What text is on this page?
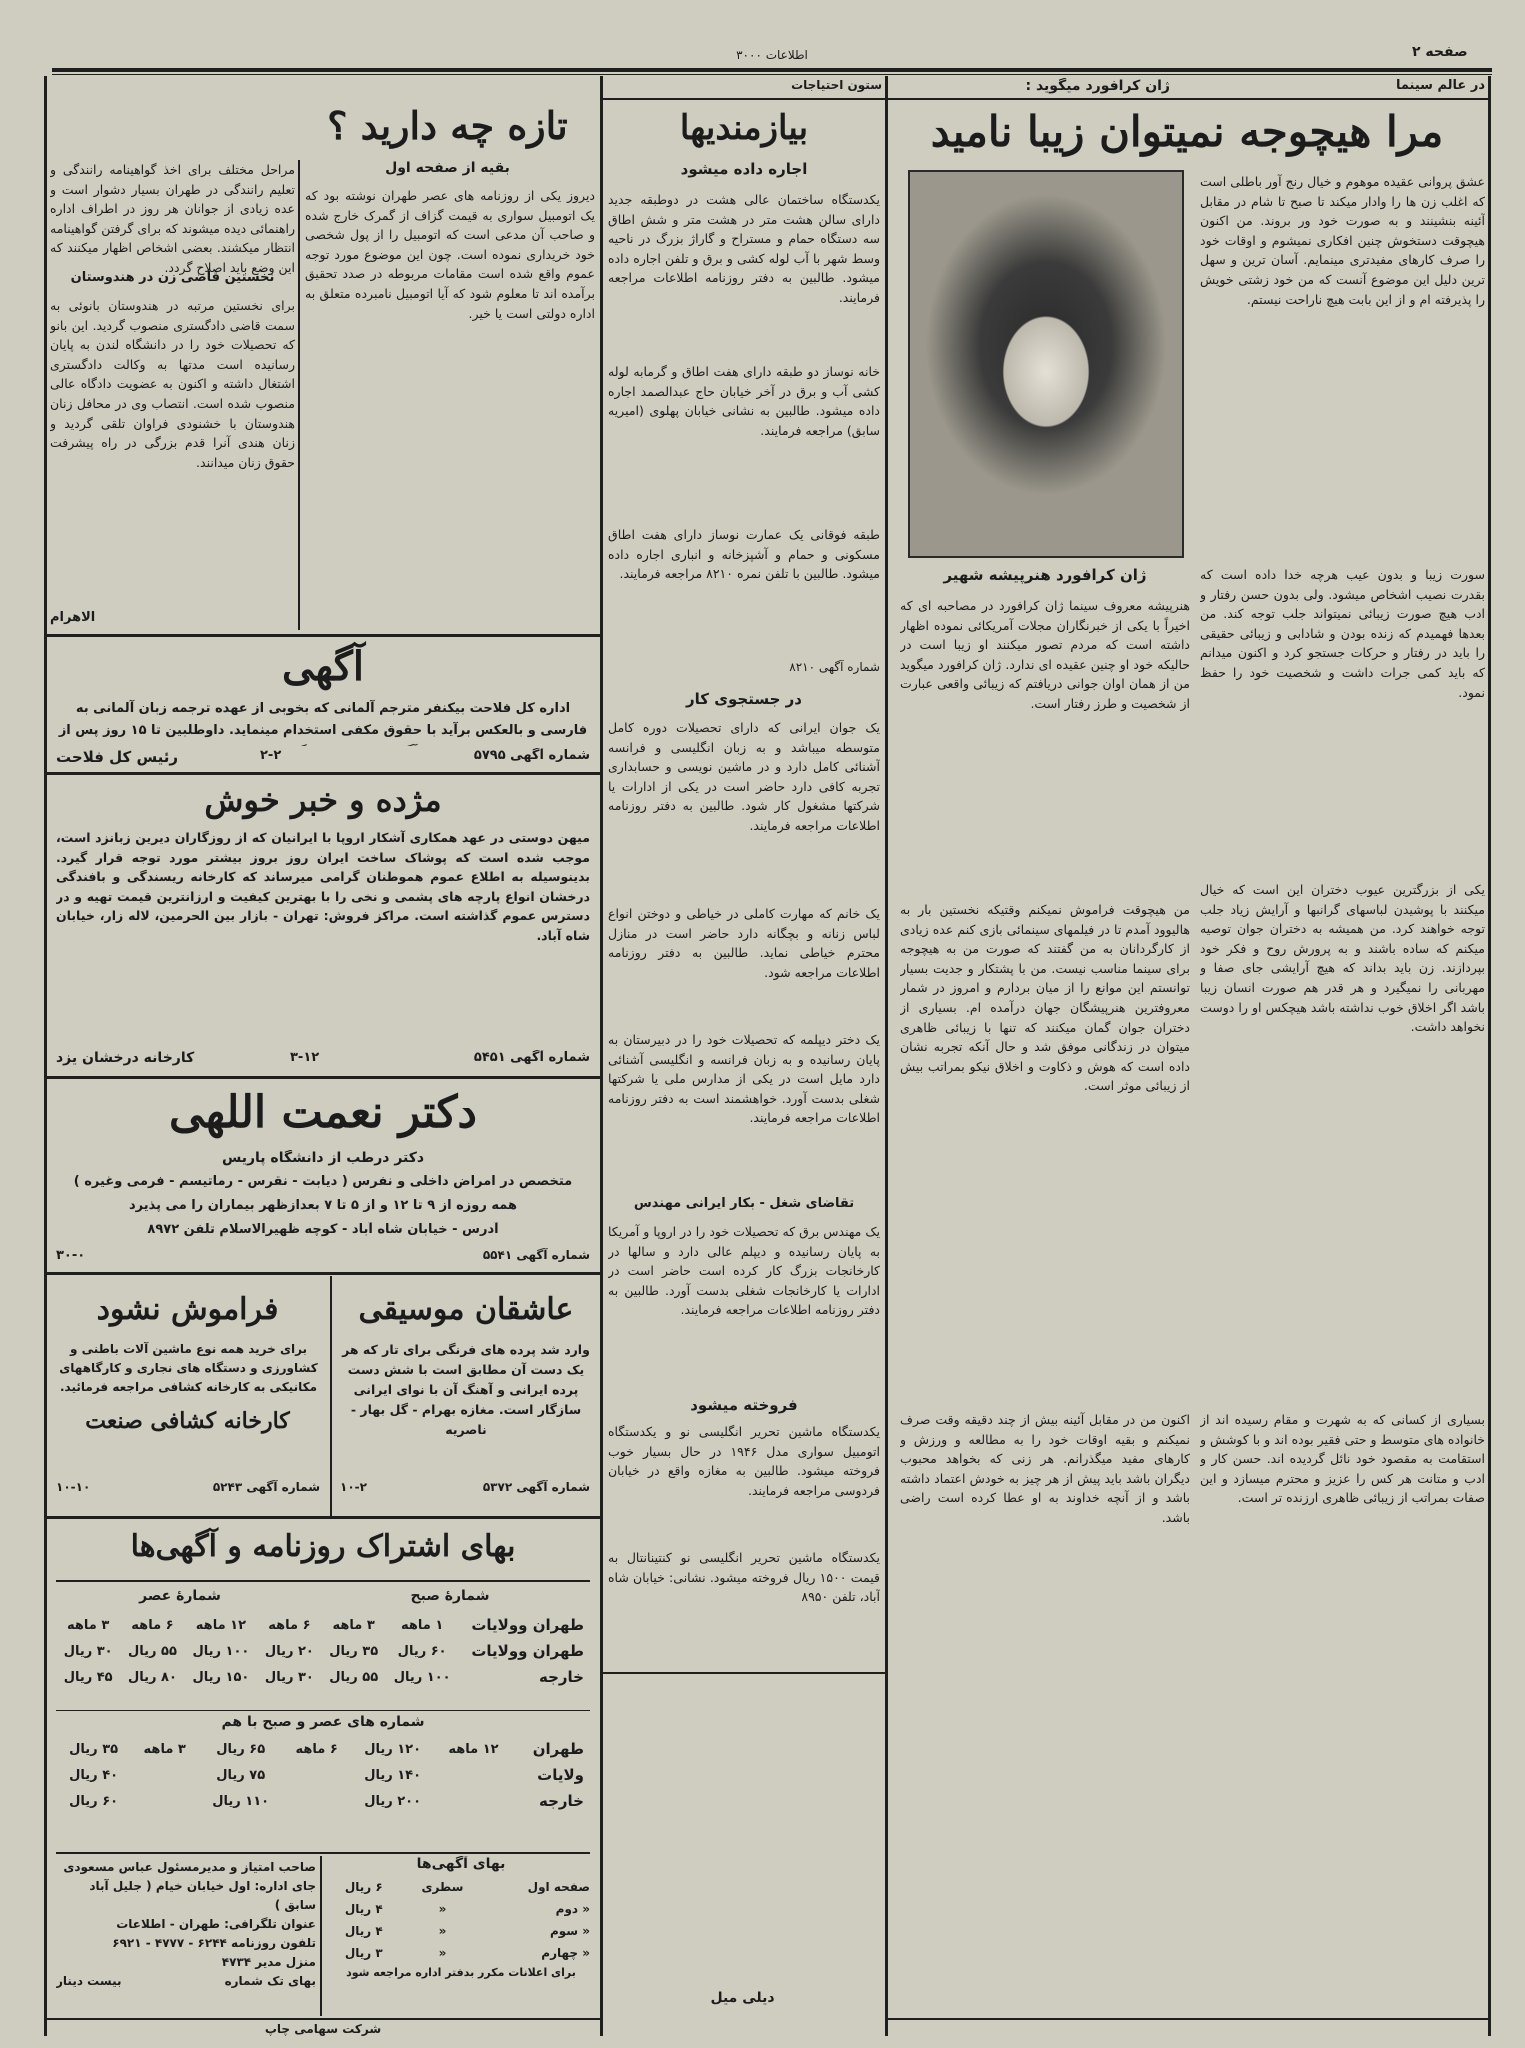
صفحه ۲
اطلاعات ۳۰۰۰
در عالم سینما
ژان کرافورد میگوید :
مرا هیچوجه نمیتوان زیبا نامید
عشق پروانی عقیده موهوم و خیال رنج آور باطلی است که اغلب زن ها را وادار میکند تا صبح تا شام در مقابل آئینه بنشینند و به صورت خود ور بروند. من اکنون هیچوقت دستخوش چنین افکاری نمیشوم و اوقات خود را صرف کارهای مفیدتری مینمایم. آسان ترین و سهل ترین دلیل این موضوع آنست که من خود زشتی خویش را پذیرفته ام و از این بابت هیچ ناراحت نیستم.
سورت زیبا و بدون عیب هرچه خدا داده است که بقدرت نصیب اشخاص میشود. ولی بدون حسن رفتار و ادب هیچ صورت زیبائی نمیتواند جلب توجه کند. من بعدها فهمیدم که زنده بودن و شادابی و زیبائی حقیقی را باید در رفتار و حرکات جستجو کرد و اکنون میدانم که باید کمی جرات داشت و شخصیت خود را حفظ نمود.
ژان کرافورد هنرپیشه شهیر
هنرپیشه معروف سینما ژان کرافورد در مصاحبه ای که اخیراً با یکی از خبرنگاران مجلات آمریکائی نموده اظهار داشته است که مردم تصور میکنند او زیبا است در حالیکه خود او چنین عقیده ای ندارد. ژان کرافورد میگوید من از همان اوان جوانی دریافتم که زیبائی واقعی عبارت از شخصیت و طرز رفتار است.
من هیچوقت فراموش نمیکنم وقتیکه نخستین بار به هالیوود آمدم تا در فیلمهای سینمائی بازی کنم عده زیادی از کارگردانان به من گفتند که صورت من به هیچوجه برای سینما مناسب نیست. من با پشتکار و جدیت بسیار توانستم این موانع را از میان بردارم و امروز در شمار معروفترین هنرپیشگان جهان درآمده ام. بسیاری از دختران جوان گمان میکنند که تنها با زیبائی ظاهری میتوان در زندگانی موفق شد و حال آنکه تجربه نشان داده است که هوش و ذکاوت و اخلاق نیکو بمراتب بیش از زیبائی موثر است.
یکی از بزرگترین عیوب دختران این است که خیال میکنند با پوشیدن لباسهای گرانبها و آرایش زیاد جلب توجه خواهند کرد. من همیشه به دختران جوان توصیه میکنم که ساده باشند و به پرورش روح و فکر خود بپردازند. زن باید بداند که هیچ آرایشی جای صفا و مهربانی را نمیگیرد و هر قدر هم صورت انسان زیبا باشد اگر اخلاق خوب نداشته باشد هیچکس او را دوست نخواهد داشت.
اکنون من در مقابل آئینه بیش از چند دقیقه وقت صرف نمیکنم و بقیه اوقات خود را به مطالعه و ورزش و کارهای مفید میگذرانم. هر زنی که بخواهد محبوب دیگران باشد باید پیش از هر چیز به خودش اعتماد داشته باشد و از آنچه خداوند به او عطا کرده است راضی باشد.
بسیاری از کسانی که به شهرت و مقام رسیده اند از خانواده های متوسط و حتی فقیر بوده اند و با کوشش و استقامت به مقصود خود نائل گردیده اند. حسن کار و ادب و متانت هر کس را عزیز و محترم میسازد و این صفات بمراتب از زیبائی ظاهری ارزنده تر است.
دیلی میل
ستون احتیاجات
بیازمندیها
اجاره داده میشود
یکدستگاه ساختمان عالی هشت در دوطبقه جدید دارای سالن هشت متر در هشت متر و شش اطاق سه دستگاه حمام و مستراح و گاراژ بزرگ در ناحیه وسط شهر با آب لوله کشی و برق و تلفن اجاره داده میشود. طالبین به دفتر روزنامه اطلاعات مراجعه فرمایند.
خانه نوساز دو طبقه دارای هفت اطاق و گرمابه لوله کشی آب و برق در آخر خیابان حاج عبدالصمد اجاره داده میشود. طالبین به نشانی خیابان پهلوی (امیریه سابق) مراجعه فرمایند.
طبقه فوقانی یک عمارت نوساز دارای هفت اطاق مسکونی و حمام و آشپزخانه و انباری اجاره داده میشود. طالبین با تلفن نمره ۸۲۱۰ مراجعه فرمایند.
شماره آگهی ۸۲۱۰
در جستجوی کار
یک جوان ایرانی که دارای تحصیلات دوره کامل متوسطه میباشد و به زبان انگلیسی و فرانسه آشنائی کامل دارد و در ماشین نویسی و حسابداری تجربه کافی دارد حاضر است در یکی از ادارات یا شرکتها مشغول کار شود. طالبین به دفتر روزنامه اطلاعات مراجعه فرمایند.
یک خانم که مهارت کاملی در خیاطی و دوختن انواع لباس زنانه و بچگانه دارد حاضر است در منازل محترم خیاطی نماید. طالبین به دفتر روزنامه اطلاعات مراجعه شود.
یک دختر دیپلمه که تحصیلات خود را در دبیرستان به پایان رسانیده و به زبان فرانسه و انگلیسی آشنائی دارد مایل است در یکی از مدارس ملی یا شرکتها شغلی بدست آورد. خواهشمند است به دفتر روزنامه اطلاعات مراجعه فرمایند.
تقاضای شغل - بکار ایرانی مهندس
یک مهندس برق که تحصیلات خود را در اروپا و آمریکا به پایان رسانیده و دیپلم عالی دارد و سالها در کارخانجات بزرگ کار کرده است حاضر است در ادارات یا کارخانجات شغلی بدست آورد. طالبین به دفتر روزنامه اطلاعات مراجعه فرمایند.
فروخته میشود
یکدستگاه ماشین تحریر انگلیسی نو و یکدستگاه اتومبیل سواری مدل ۱۹۴۶ در حال بسیار خوب فروخته میشود. طالبین به مغازه واقع در خیابان فردوسی مراجعه فرمایند.
یکدستگاه ماشین تحریر انگلیسی نو کنتینانتال به قیمت ۱۵۰۰ ریال فروخته میشود. نشانی: خیابان شاه آباد، تلفن ۸۹۵۰
تازه چه دارید ؟
بقیه از صفحه اول
دیروز یکی از روزنامه های عصر طهران نوشته بود که یک اتومبیل سواری به قیمت گزاف از گمرک خارج شده و صاحب آن مدعی است که اتومبیل را از پول شخصی خود خریداری نموده است. چون این موضوع مورد توجه عموم واقع شده است مقامات مربوطه در صدد تحقیق برآمده اند تا معلوم شود که آیا اتومبیل نامبرده متعلق به اداره دولتی است یا خیر.
مراحل مختلف برای اخذ گواهینامه رانندگی و تعلیم رانندگی در طهران بسیار دشوار است و عده زیادی از جوانان هر روز در اطراف اداره راهنمائی دیده میشوند که برای گرفتن گواهینامه انتظار میکشند. بعضی اشخاص اظهار میکنند که این وضع باید اصلاح گردد.
نخستین قاضی زن در هندوستان
برای نخستین مرتبه در هندوستان بانوئی به سمت قاضی دادگستری منصوب گردید. این بانو که تحصیلات خود را در دانشگاه لندن به پایان رسانیده است مدتها به وکالت دادگستری اشتغال داشته و اکنون به عضویت دادگاه عالی منصوب شده است. انتصاب وی در محافل زنان هندوستان با خشنودی فراوان تلقی گردید و زنان هندی آنرا قدم بزرگی در راه پیشرفت حقوق زنان میدانند.
الاهرام
آگهی
اداره کل فلاحت بیکنفر مترجم آلمانی که بخوبی از عهده ترجمه زبان آلمانی به فارسی و بالعکس برآید با حقوق مکفی استخدام مینماید. داوطلبین تا ۱۵ روز پس از
رئیس کل فلاحت	۲-۲	شماره آگهی ۵۷۹۵
مژده و خبر خوش
میهن دوستی در عهد همکاری آشکار اروپا با ایرانیان که از روزگاران دیرین زبانزد است، موجب شده است که پوشاک ساخت ایران روز بروز بیشتر مورد توجه قرار گیرد. بدینوسیله به اطلاع عموم هموطنان گرامی میرساند که کارخانه ریسندگی و بافندگی درخشان انواع پارچه های پشمی و نخی را با بهترین کیفیت و ارزانترین قیمت تهیه و در دسترس عموم گذاشته است. مراکز فروش: تهران - بازار بین الحرمین، لاله زار، خیابان شاه آباد.
کارخانه درخشان یزد	۳-۱۲	شماره آگهی ۵۴۵۱
دکتر نعمت اللهی
دکتر درطب از دانشگاه پاریس
متخصص در امراض داخلی و نفرس ( دیابت - نقرس - رماتیسم - فرمی وغیره )
همه روزه از ۹ تا ۱۲ و از ۵ تا ۷ بعدازظهر بیماران را می پذیرد
آدرس - خیابان شاه آباد - کوچه ظهیرالاسلام تلفن ۸۹۷۲
شماره آگهی ۵۵۴۱
۳۰-۰
عاشقان موسیقی
وارد شد پرده های فرنگی برای تار که هر یک دست آن مطابق است با شش دست پرده ایرانی و آهنگ آن با نوای ایرانی سازگار است. مغازه بهرام - گل بهار - ناصریه
شماره آگهی ۵۳۷۲
۱۰-۲
فراموش نشود
برای خرید همه نوع ماشین آلات باطنی و کشاورزی و دستگاه های نجاری و کارگاههای مکانیکی به کارخانه کشافی مراجعه فرمائید.
کارخانه کشافی صنعت
شماره آگهی ۵۲۴۳
۱۰-۱۰
بهای اشتراک روزنامه و آگهی‌ها
شمارهٔ عصر	شمارهٔ صبح
طهران وولایات	۱ ماهه	۳ ماهه	۶ ماهه	۱۲ ماهه	۶ ماهه	۳ ماهه
طهران وولایات	۶۰ ریال	۳۵ ریال	۲۰ ریال	۱۰۰ ریال	۵۵ ریال	۳۰ ریال
خارجه	۱۰۰ ریال	۵۵ ریال	۳۰ ریال	۱۵۰ ریال	۸۰ ریال	۴۵ ریال
شماره های عصر و صبح با هم
طهران	۱۲ ماهه	۱۲۰ ریال	۶ ماهه	۶۵ ریال	۳ ماهه	۳۵ ریال
ولایات		۱۴۰ ریال		۷۵ ریال		۴۰ ریال
خارجه		۲۰۰ ریال		۱۱۰ ریال		۶۰ ریال
صاحب امتیاز و مدیرمسئول عباس مسعودی
جای اداره: اول خیابان خیام ( جلیل آباد سابق )
عنوان تلگرافی: طهران - اطلاعات
تلفون روزنامه ۶۲۴۴ - ۴۷۷۷ - ۶۹۲۱
منزل مدیر ۴۷۳۴
بهای تک شماره
بیست دینار
بهای آگهی‌ها
صفحه اول	سطری	۶ ریال
« دوم	«	۴ ریال
« سوم	«	۴ ریال
« چهارم	«	۳ ریال
برای اعلانات مکرر بدفتر اداره مراجعه شود
شرکت سهامی چاپ
